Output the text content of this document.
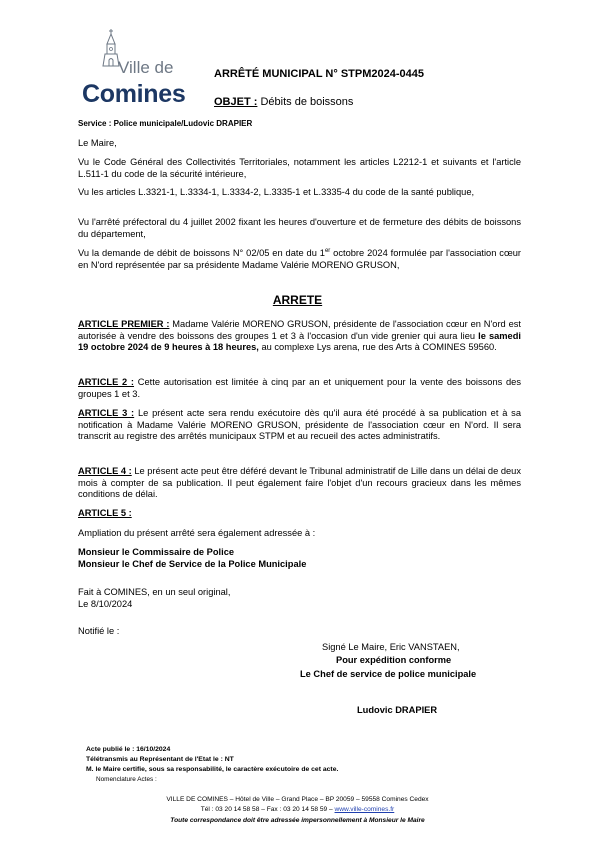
Ville de
Comines
ARRÊTÉ MUNICIPAL N° STPM2024-0445
OBJET : Débits de boissons
Service : Police municipale/Ludovic DRAPIER
Le Maire,
Vu le Code Général des Collectivités Territoriales, notamment les articles L2212-1 et suivants et l'article L.511-1 du code de la sécurité intérieure,
Vu les articles L.3321-1, L.3334-1, L.3334-2, L.3335-1 et L.3335-4 du code de la santé publique,
Vu l'arrêté préfectoral du 4 juillet 2002 fixant les heures d'ouverture et de fermeture des débits de boissons du département,
Vu la demande de débit de boissons N° 02/05 en date du 1er octobre 2024 formulée par l'association cœur en N'ord représentée par sa présidente Madame Valérie MORENO GRUSON,
ARRETE
ARTICLE PREMIER : Madame Valérie MORENO GRUSON, présidente de l'association cœur en N'ord est autorisée à vendre des boissons des groupes 1 et 3 à l'occasion d'un vide grenier qui aura lieu le samedi 19 octobre 2024 de 9 heures à 18 heures, au complexe Lys arena, rue des Arts à COMINES 59560.
ARTICLE 2 : Cette autorisation est limitée à cinq par an et uniquement pour la vente des boissons des groupes 1 et 3.
ARTICLE 3 : Le présent acte sera rendu exécutoire dès qu'il aura été procédé à sa publication et à sa notification à Madame Valérie MORENO GRUSON, présidente de l'association cœur en N'ord. Il sera transcrit au registre des arrêtés municipaux STPM et au recueil des actes administratifs.
ARTICLE 4 : Le présent acte peut être déféré devant le Tribunal administratif de Lille dans un délai de deux mois à compter de sa publication. Il peut également faire l'objet d'un recours gracieux dans les mêmes conditions de délai.
ARTICLE 5 :
Ampliation du présent arrêté sera également adressée à :
Monsieur le Commissaire de Police
Monsieur le Chef de Service de la Police Municipale
Fait à COMINES, en un seul original,
Le 8/10/2024
Notifié le :
Signé Le Maire, Eric VANSTAEN,
Pour expédition conforme
Le Chef de service de police municipale
Ludovic DRAPIER
Acte publié le : 16/10/2024
Télétransmis au Représentant de l'Etat le : NT
M. le Maire certifie, sous sa responsabilité, le caractère exécutoire de cet acte.
Nomenclature Actes :
VILLE DE COMINES – Hôtel de Ville – Grand Place – BP 20059 – 59558 Comines Cedex
Tél : 03 20 14 58 58 – Fax : 03 20 14 58 59 – www.ville-comines.fr
Toute correspondance doit être adressée impersonnellement à Monsieur le Maire
